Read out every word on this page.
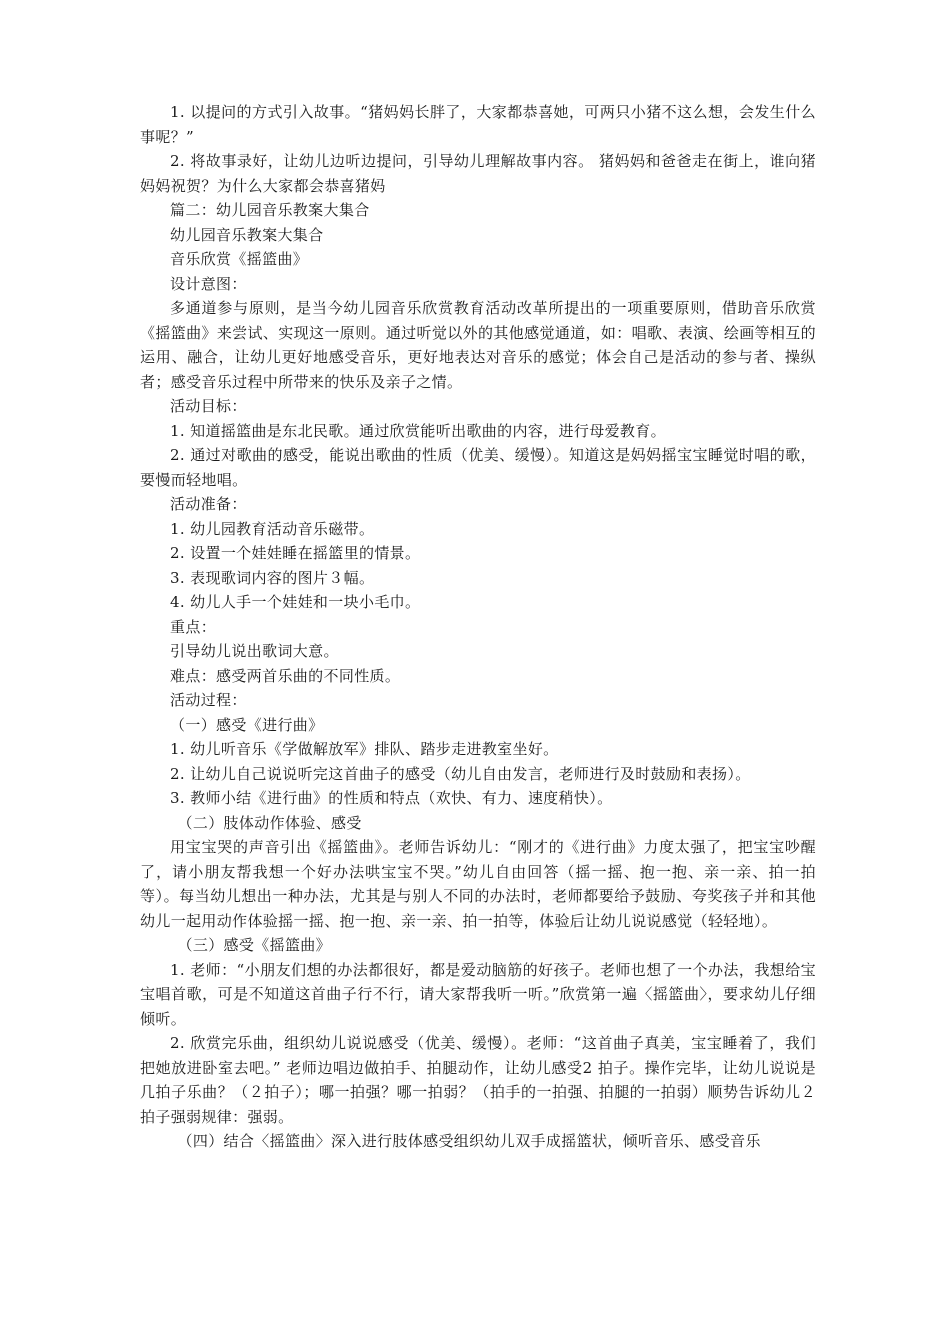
1. 以提问的方式引入故事。“猪妈妈长胖了，大家都恭喜她，可两只小猪不这么想，会发生什么事呢？”

2. 将故事录好，让幼儿边听边提问，引导幼儿理解故事内容。 猪妈妈和爸爸走在街上，谁向猪妈妈祝贺？为什么大家都会恭喜猪妈

篇二：幼儿园音乐教案大集合

幼儿园音乐教案大集合

音乐欣赏《摇篮曲》

设计意图：

多通道参与原则，是当今幼儿园音乐欣赏教育活动改革所提出的一项重要原则，借助音乐欣赏《摇篮曲》来尝试、实现这一原则。通过听觉以外的其他感觉通道，如：唱歌、表演、绘画等相互的运用、融合，让幼儿更好地感受音乐，更好地表达对音乐的感觉；体会自己是活动的参与者、操纵者；感受音乐过程中所带来的快乐及亲子之情。

活动目标：

1. 知道摇篮曲是东北民歌。通过欣赏能听出歌曲的内容，进行母爱教育。

2. 通过对歌曲的感受，能说出歌曲的性质（优美、缓慢）。知道这是妈妈摇宝宝睡觉时唱的歌，要慢而轻地唱。

活动准备：

1. 幼儿园教育活动音乐磁带。

2. 设置一个娃娃睡在摇篮里的情景。

3. 表现歌词内容的图片３幅。

4. 幼儿人手一个娃娃和一块小毛巾。

重点：

引导幼儿说出歌词大意。

难点：感受两首乐曲的不同性质。

活动过程：

（一）感受《进行曲》

1. 幼儿听音乐《学做解放军》排队、踏步走进教室坐好。

2. 让幼儿自己说说听完这首曲子的感受（幼儿自由发言，老师进行及时鼓励和表扬）。

3. 教师小结《进行曲》的性质和特点（欢快、有力、速度稍快）。

（二）肢体动作体验、感受

用宝宝哭的声音引出《摇篮曲》。老师告诉幼儿：“刚才的《进行曲》力度太强了，把宝宝吵醒了，请小朋友帮我想一个好办法哄宝宝不哭。”幼儿自由回答（摇一摇、抱一抱、亲一亲、拍一拍等）。每当幼儿想出一种办法，尤其是与别人不同的办法时，老师都要给予鼓励、夸奖孩子并和其他幼儿一起用动作体验摇一摇、抱一抱、亲一亲、拍一拍等，体验后让幼儿说说感觉（轻轻地）。

（三）感受《摇篮曲》

1. 老师：“小朋友们想的办法都很好，都是爱动脑筋的好孩子。老师也想了一个办法，我想给宝宝唱首歌，可是不知道这首曲子行不行，请大家帮我听一听。”欣赏第一遍〈摇篮曲〉，要求幼儿仔细倾听。

2. 欣赏完乐曲，组织幼儿说说感受（优美、缓慢）。老师：“这首曲子真美，宝宝睡着了，我们把她放进卧室去吧。” 老师边唱边做拍手、拍腿动作，让幼儿感受2 拍子。操作完毕，让幼儿说说是几拍子乐曲？（２拍子）；哪一拍强？哪一拍弱？（拍手的一拍强、拍腿的一拍弱）顺势告诉幼儿２拍子强弱规律：强弱。

（四）结合〈摇篮曲〉深入进行肢体感受组织幼儿双手成摇篮状，倾听音乐、感受音乐
